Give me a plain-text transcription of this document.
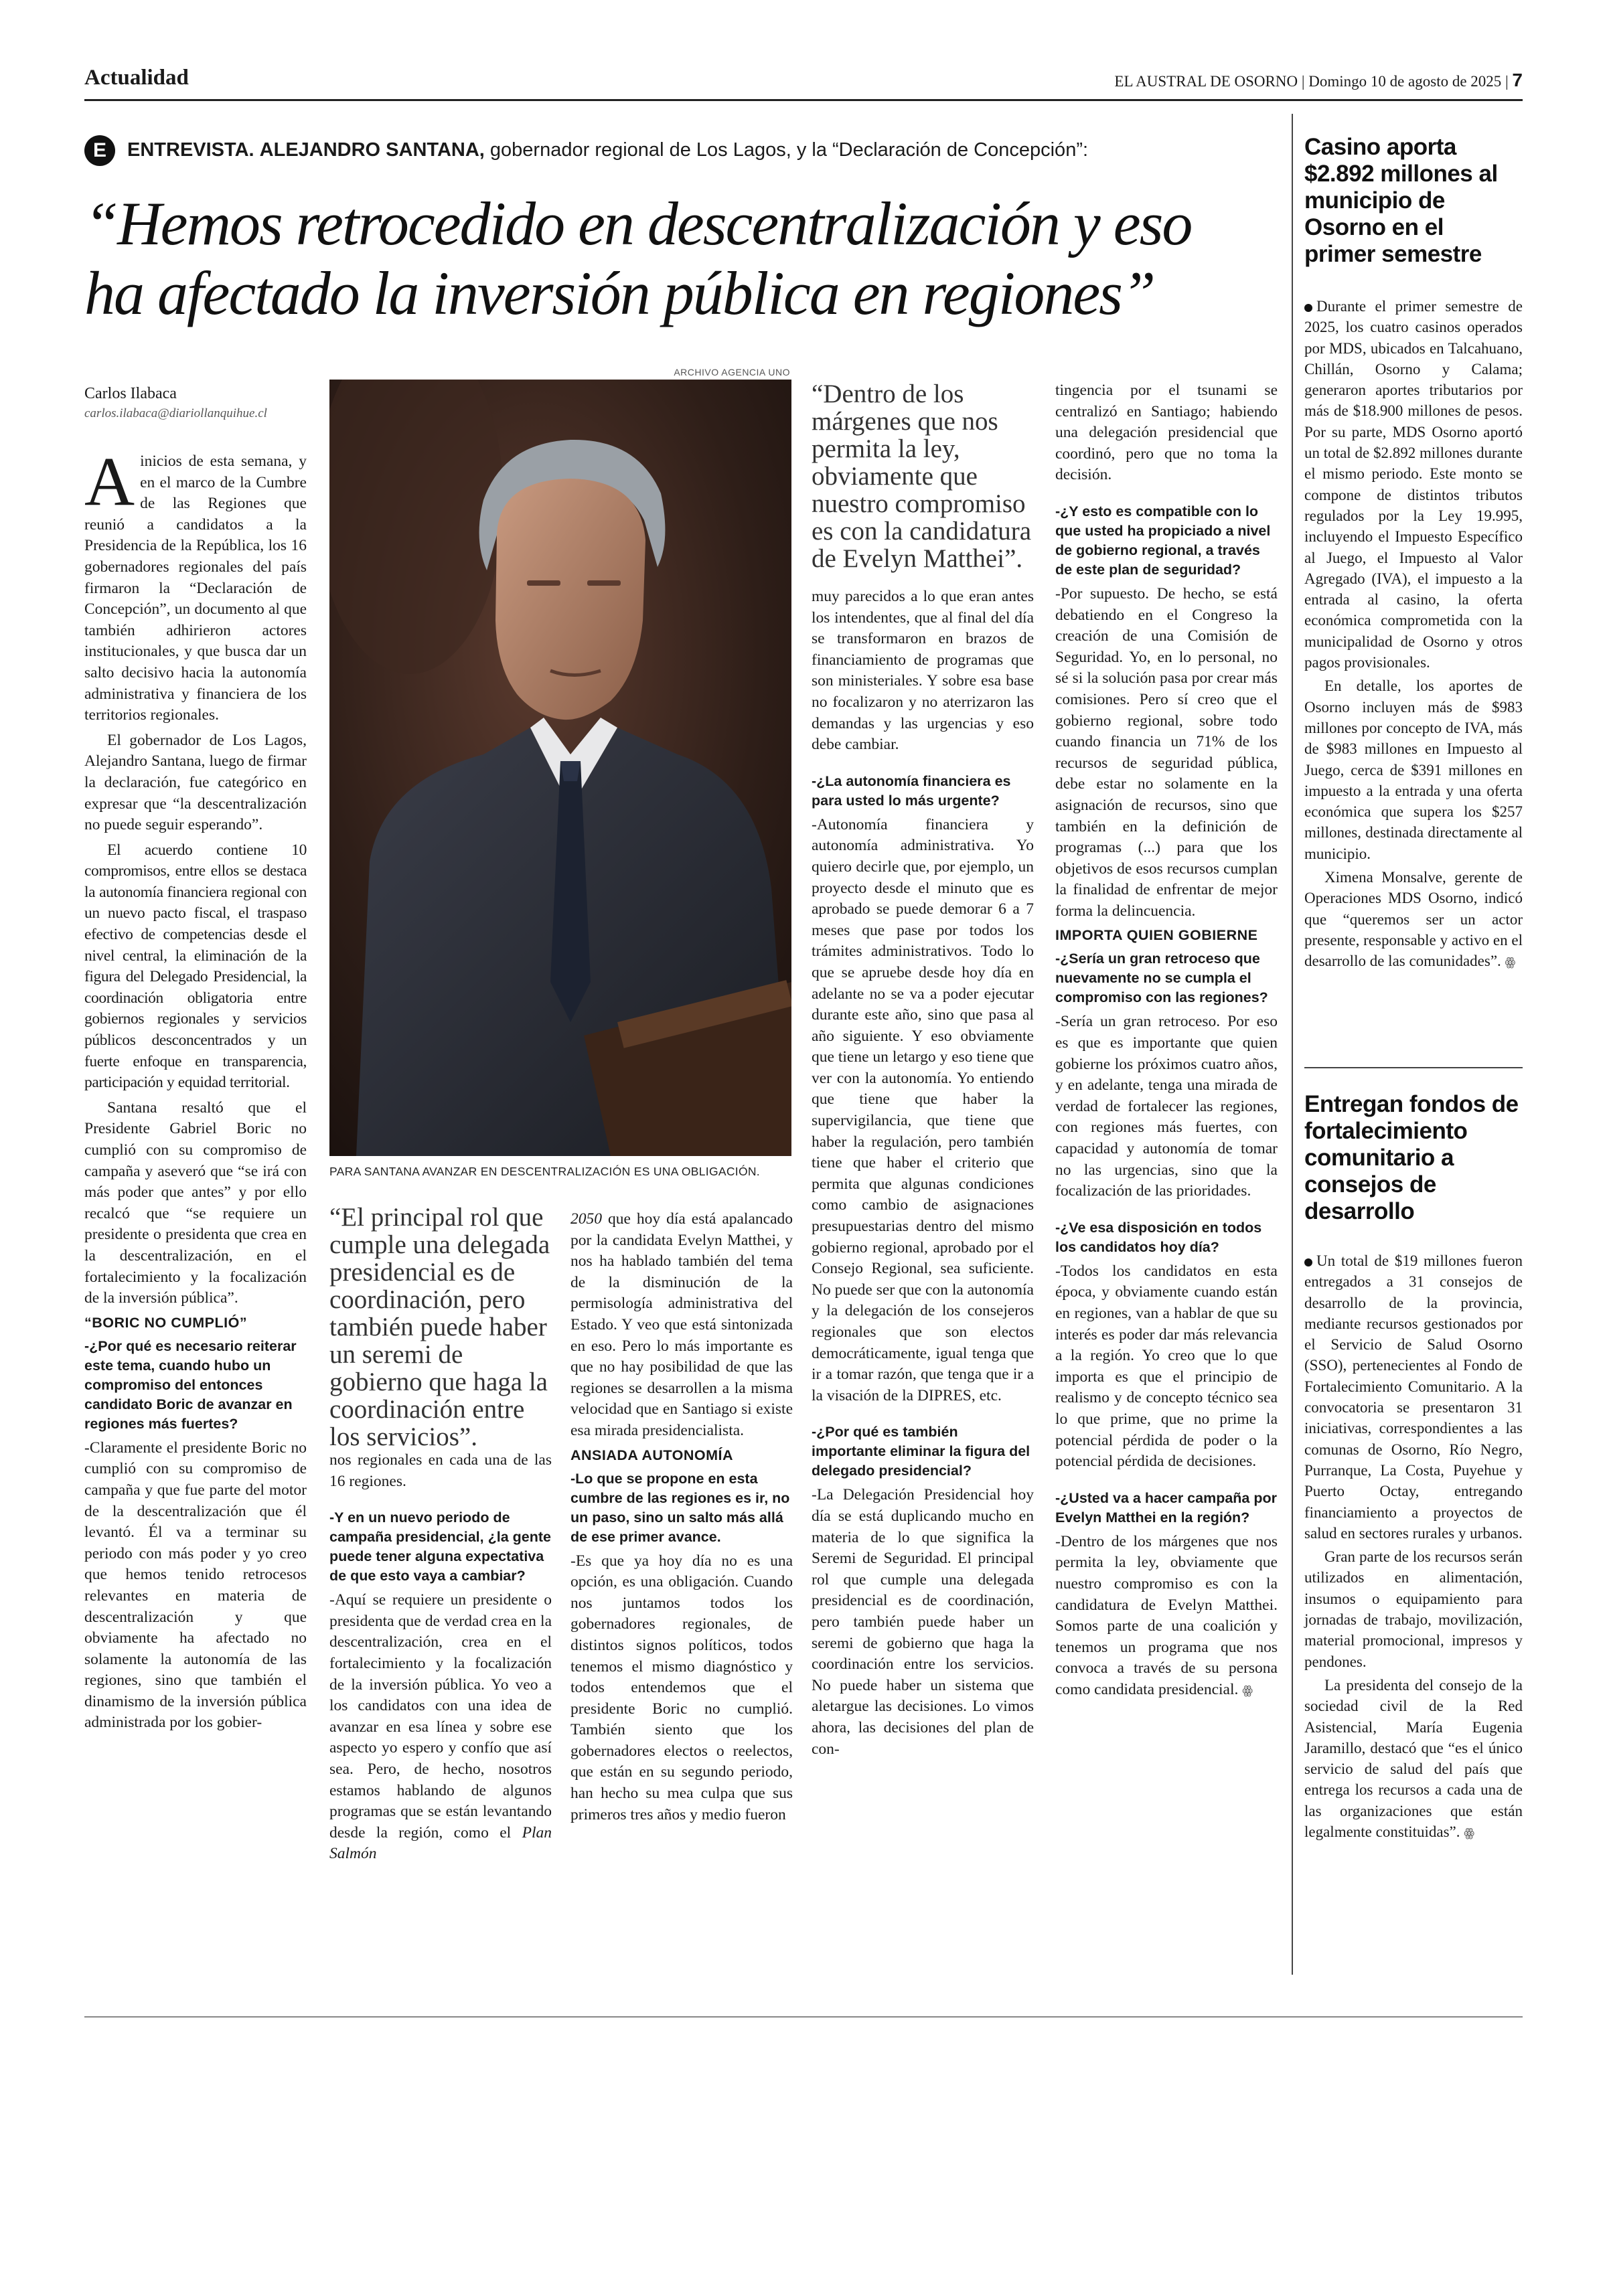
Actualidad	EL AUSTRAL DE OSORNO | Domingo 10 de agosto de 2025 | 7
E	ENTREVISTA. ALEJANDRO SANTANA, gobernador regional de Los Lagos, y la “Declaración de Concepción”:
“Hemos retrocedido en descentralización y eso
ha afectado la inversión pública en regiones”
Carlos Ilabaca
carlos.ilabaca@diariollanquihue.cl
ARCHIVO AGENCIA UNO
PARA SANTANA AVANZAR EN DESCENTRALIZACIÓN ES UNA OBLIGACIÓN.
“Dentro de los márgenes que nos permita la ley, obviamente que nuestro compromiso es con la candidatura de Evelyn Matthei”.
“El principal rol que cumple una delegada presidencial es de coordinación, pero también puede haber un seremi de gobierno que haga la coordinación entre los servicios”.

Ainicios de esta semana, y en el marco de la Cumbre de las Regiones que reunió a candidatos a la Presidencia de la República, los 16 gobernadores regionales del país firmaron la “Declaración de Concepción”, un documento al que también adhirieron actores institucionales, y que busca dar un salto decisivo hacia la autonomía administrativa y financiera de los territorios regionales.

El gobernador de Los Lagos, Alejandro Santana, luego de firmar la declaración, fue categórico en expresar que “la descentralización no puede seguir esperando”.

El acuerdo contiene 10 compromisos, entre ellos se destaca la autonomía financiera regional con un nuevo pacto fiscal, el traspaso efectivo de competencias desde el nivel central, la eliminación de la figura del Delegado Presidencial, la coordinación obligatoria entre gobiernos regionales y servicios públicos desconcentrados y un fuerte enfoque en transparencia, participación y equidad territorial.

Santana resaltó que el Presidente Gabriel Boric no cumplió con su compromiso de campaña y aseveró que “se irá con más poder que antes” y por ello recalcó que “se requiere un presidente o presidenta que crea en la descentralización, en el fortalecimiento y la focalización de la inversión pública”.

“BORIC NO CUMPLIÓ”

-¿Por qué es necesario reiterar este tema, cuando hubo un compromiso del entonces candidato Boric de avanzar en regiones más fuertes?

-Claramente el presidente Boric no cumplió con su compromiso de campaña y que fue parte del motor de la descentralización que él levantó. Él va a terminar su periodo con más poder y yo creo que hemos tenido retrocesos relevantes en materia de descentralización y que obviamente ha afectado no solamente la autonomía de las regiones, sino que también el dinamismo de la inversión pública administrada por los gobier-

nos regionales en cada una de las 16 regiones.

-Y en un nuevo periodo de campaña presidencial, ¿la gente puede tener alguna expectativa de que esto vaya a cambiar?

-Aquí se requiere un presidente o presidenta que de verdad crea en la descentralización, crea en el fortalecimiento y la focalización de la inversión pública. Yo veo a los candidatos con una idea de avanzar en esa línea y sobre ese aspecto yo espero y confío que así sea. Pero, de hecho, nosotros estamos hablando de algunos programas que se están levantando desde la región, como el Plan Salmón

2050 que hoy día está apalancado por la candidata Evelyn Matthei, y nos ha hablado también del tema de la disminución de la permisología administrativa del Estado. Y veo que está sintonizada en eso. Pero lo más importante es que no hay posibilidad de que las regiones se desarrollen a la misma velocidad que en Santiago si existe esa mirada presidencialista.

ANSIADA AUTONOMÍA

-Lo que se propone en esta cumbre de las regiones es ir, no un paso, sino un salto más allá de ese primer avance.

-Es que ya hoy día no es una opción, es una obligación. Cuando nos juntamos todos los gobernadores regionales, de distintos signos políticos, todos tenemos el mismo diagnóstico y todos entendemos que el presidente Boric no cumplió. También siento que los gobernadores electos o reelectos, que están en su segundo periodo, han hecho su mea culpa que sus primeros tres años y medio fueron

muy parecidos a lo que eran antes los intendentes, que al final del día se transformaron en brazos de financiamiento de programas que son ministeriales. Y sobre esa base no focalizaron y no aterrizaron las demandas y las urgencias y eso debe cambiar.

-¿La autonomía financiera es para usted lo más urgente?

-Autonomía financiera y autonomía administrativa. Yo quiero decirle que, por ejemplo, un proyecto desde el minuto que es aprobado se puede demorar 6 a 7 meses que pase por todos los trámites administrativos. Todo lo que se apruebe desde hoy día en adelante no se va a poder ejecutar durante este año, sino que pasa al año siguiente. Y eso obviamente que tiene un letargo y eso tiene que ver con la autonomía. Yo entiendo que tiene que haber la supervigilancia, que tiene que haber la regulación, pero también tiene que haber el criterio que permita que algunas condiciones como cambio de asignaciones presupuestarias dentro del mismo gobierno regional, aprobado por el Consejo Regional, sea suficiente. No puede ser que con la autonomía y la delegación de los consejeros regionales que son electos democráticamente, igual tenga que ir a tomar razón, que tenga que ir a la visación de la DIPRES, etc.

-¿Por qué es también importante eliminar la figura del delegado presidencial?

-La Delegación Presidencial hoy día se está duplicando mucho en materia de lo que significa la Seremi de Seguridad. El principal rol que cumple una delegada presidencial es de coordinación, pero también puede haber un seremi de gobierno que haga la coordinación entre los servicios. No puede haber un sistema que aletargue las decisiones. Lo vimos ahora, las decisiones del plan de con-

tingencia por el tsunami se centralizó en Santiago; habiendo una delegación presidencial que coordinó, pero que no toma la decisión.

-¿Y esto es compatible con lo que usted ha propiciado a nivel de gobierno regional, a través de este plan de seguridad?

-Por supuesto. De hecho, se está debatiendo en el Congreso la creación de una Comisión de Seguridad. Yo, en lo personal, no sé si la solución pasa por crear más comisiones. Pero sí creo que el gobierno regional, sobre todo cuando financia un 71% de los recursos de seguridad pública, debe estar no solamente en la asignación de recursos, sino que también en la definición de programas (...) para que los objetivos de esos recursos cumplan la finalidad de enfrentar de mejor forma la delincuencia.

IMPORTA QUIEN GOBIERNE

-¿Sería un gran retroceso que nuevamente no se cumpla el compromiso con las regiones?

-Sería un gran retroceso. Por eso es que es importante que quien gobierne los próximos cuatro años, y en adelante, tenga una mirada de verdad de fortalecer las regiones, con regiones más fuertes, con capacidad y autonomía de tomar no las urgencias, sino que la focalización de las prioridades.

-¿Ve esa disposición en todos los candidatos hoy día?

-Todos los candidatos en esta época, y obviamente cuando están en regiones, van a hablar de que su interés es poder dar más relevancia a la región. Yo creo que lo que importa es que el principio de realismo y de concepto técnico sea lo que prime, que no prime la potencial pérdida de poder o la potencial pérdida de decisiones.

-¿Usted va a hacer campaña por Evelyn Matthei en la región?

-Dentro de los márgenes que nos permita la ley, obviamente que nuestro compromiso es con la candidatura de Evelyn Matthei. Somos parte de una coalición y tenemos un programa que nos convoca a través de su persona como candidata presidencial. ꙮ

Casino aporta $2.892 millones al municipio de Osorno en el primer semestre

Durante el primer semestre de 2025, los cuatro casinos operados por MDS, ubicados en Talcahuano, Chillán, Osorno y Calama; generaron aportes tributarios por más de $18.900 millones de pesos. Por su parte, MDS Osorno aportó un total de $2.892 millones durante el mismo periodo. Este monto se compone de distintos tributos regulados por la Ley 19.995, incluyendo el Impuesto Específico al Juego, el Impuesto al Valor Agregado (IVA), el impuesto a la entrada al casino, la oferta económica comprometida con la municipalidad de Osorno y otros pagos provisionales.

En detalle, los aportes de Osorno incluyen más de $983 millones por concepto de IVA, más de $983 millones en Impuesto al Juego, cerca de $391 millones en impuesto a la entrada y una oferta económica que supera los $257 millones, destinada directamente al municipio.

Ximena Monsalve, gerente de Operaciones MDS Osorno, indicó que “queremos ser un actor presente, responsable y activo en el desarrollo de las comunidades”. ꙮ

Entregan fondos de fortalecimiento comunitario a consejos de desarrollo

Un total de $19 millones fueron entregados a 31 consejos de desarrollo de la provincia, mediante recursos gestionados por el Servicio de Salud Osorno (SSO), pertenecientes al Fondo de Fortalecimiento Comunitario. A la convocatoria se presentaron 31 iniciativas, correspondientes a las comunas de Osorno, Río Negro, Purranque, La Costa, Puyehue y Puerto Octay, entregando financiamiento a proyectos de salud en sectores rurales y urbanos.

Gran parte de los recursos serán utilizados en alimentación, insumos o equipamiento para jornadas de trabajo, movilización, material promocional, impresos y pendones.

La presidenta del consejo de la sociedad civil de la Red Asistencial, María Eugenia Jaramillo, destacó que “es el único servicio de salud del país que entrega los recursos a cada una de las organizaciones que están legalmente constituidas”. ꙮ
